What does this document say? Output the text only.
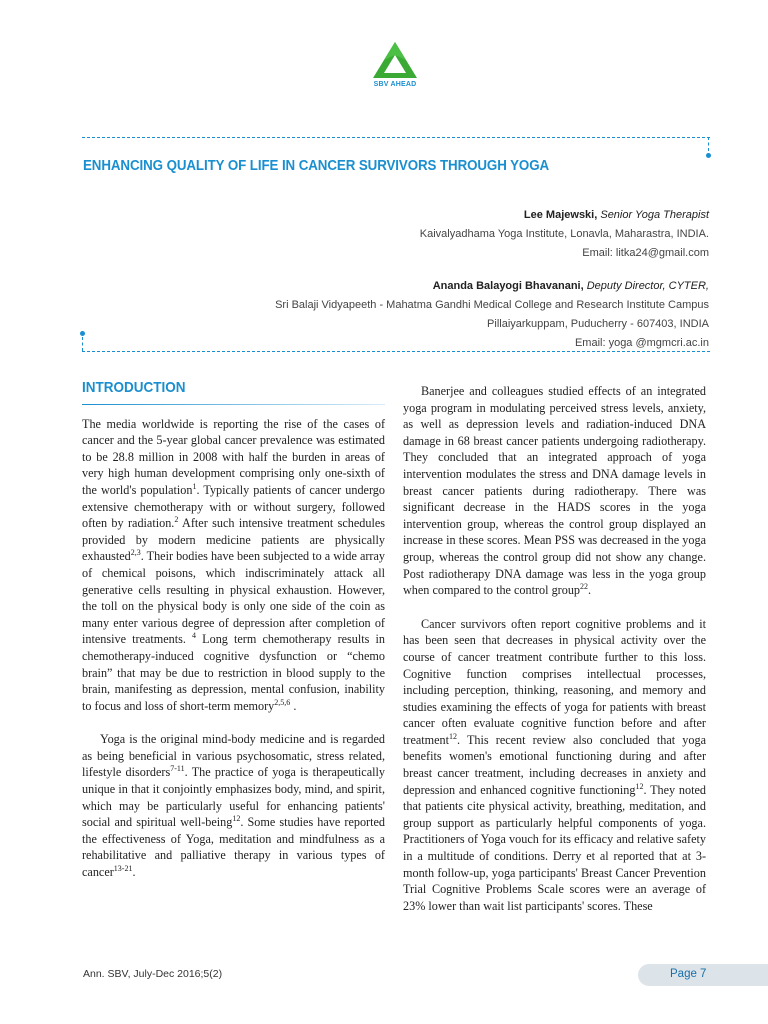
SBV AHEAD
ENHANCING QUALITY OF LIFE IN CANCER SURVIVORS THROUGH YOGA
Lee Majewski, Senior Yoga Therapist
Kaivalyadhama Yoga Institute, Lonavla, Maharastra, INDIA.
Email: litka24@gmail.com
Ananda Balayogi Bhavanani, Deputy Director, CYTER,
Sri Balaji Vidyapeeth - Mahatma Gandhi Medical College and Research Institute Campus
Pillaiyarkuppam, Puducherry - 607403, INDIA
Email: yoga @mgmcri.ac.in
INTRODUCTION

The media worldwide is reporting the rise of the cases of cancer and the 5-year global cancer prevalence was estimated to be 28.8 million in 2008 with half the burden in areas of very high human development comprising only one-sixth of the world's population$^1$. Typically patients of cancer undergo extensive chemotherapy with or without surgery, followed often by radiation.$^2$ After such intensive treatment schedules provided by modern medicine patients are physically exhausted$^{2,3}$. Their bodies have been subjected to a wide array of chemical poisons, which indiscriminately attack all generative cells resulting in physical exhaustion. However, the toll on the physical body is only one side of the coin as many enter various degree of depression after completion of intensive treatments. $^4$ Long term chemotherapy results in chemotherapy-induced cognitive dysfunction or “chemo brain” that may be due to restriction in blood supply to the brain, manifesting as depression, mental confusion, inability to focus and loss of short-term memory$^{2,5,6}$ .

Yoga is the original mind-body medicine and is regarded as being beneficial in various psychosomatic, stress related, lifestyle disorders$^{7-11}$. The practice of yoga is therapeutically unique in that it conjointly emphasizes body, mind, and spirit, which may be particularly useful for enhancing patients' social and spiritual well-being$^{12}$. Some studies have reported the effectiveness of Yoga, meditation and mindfulness as a rehabilitative and palliative therapy in various types of cancer$^{13-21}$.

Banerjee and colleagues studied effects of an integrated yoga program in modulating perceived stress levels, anxiety, as well as depression levels and radiation-induced DNA damage in 68 breast cancer patients undergoing radiotherapy. They concluded that an integrated approach of yoga intervention modulates the stress and DNA damage levels in breast cancer patients during radiotherapy. There was significant decrease in the HADS scores in the yoga intervention group, whereas the control group displayed an increase in these scores. Mean PSS was decreased in the yoga group, whereas the control group did not show any change. Post radiotherapy DNA damage was less in the yoga group when compared to the control group$^{22}$.

Cancer survivors often report cognitive problems and it has been seen that decreases in physical activity over the course of cancer treatment contribute further to this loss. Cognitive function comprises intellectual processes, including perception, thinking, reasoning, and memory and studies examining the effects of yoga for patients with breast cancer often evaluate cognitive function before and after treatment$^{12}$. This recent review also concluded that yoga benefits women's emotional functioning during and after breast cancer treatment, including decreases in anxiety and depression and enhanced cognitive functioning$^{12}$. They noted that patients cite physical activity, breathing, meditation, and group support as particularly helpful components of yoga. Practitioners of Yoga vouch for its efficacy and relative safety in a multitude of conditions. Derry et al reported that at 3-month follow-up, yoga participants' Breast Cancer Prevention Trial Cognitive Problems Scale scores were an average of 23% lower than wait list participants' scores. These

Ann. SBV, July-Dec 2016;5(2)	Page 7
